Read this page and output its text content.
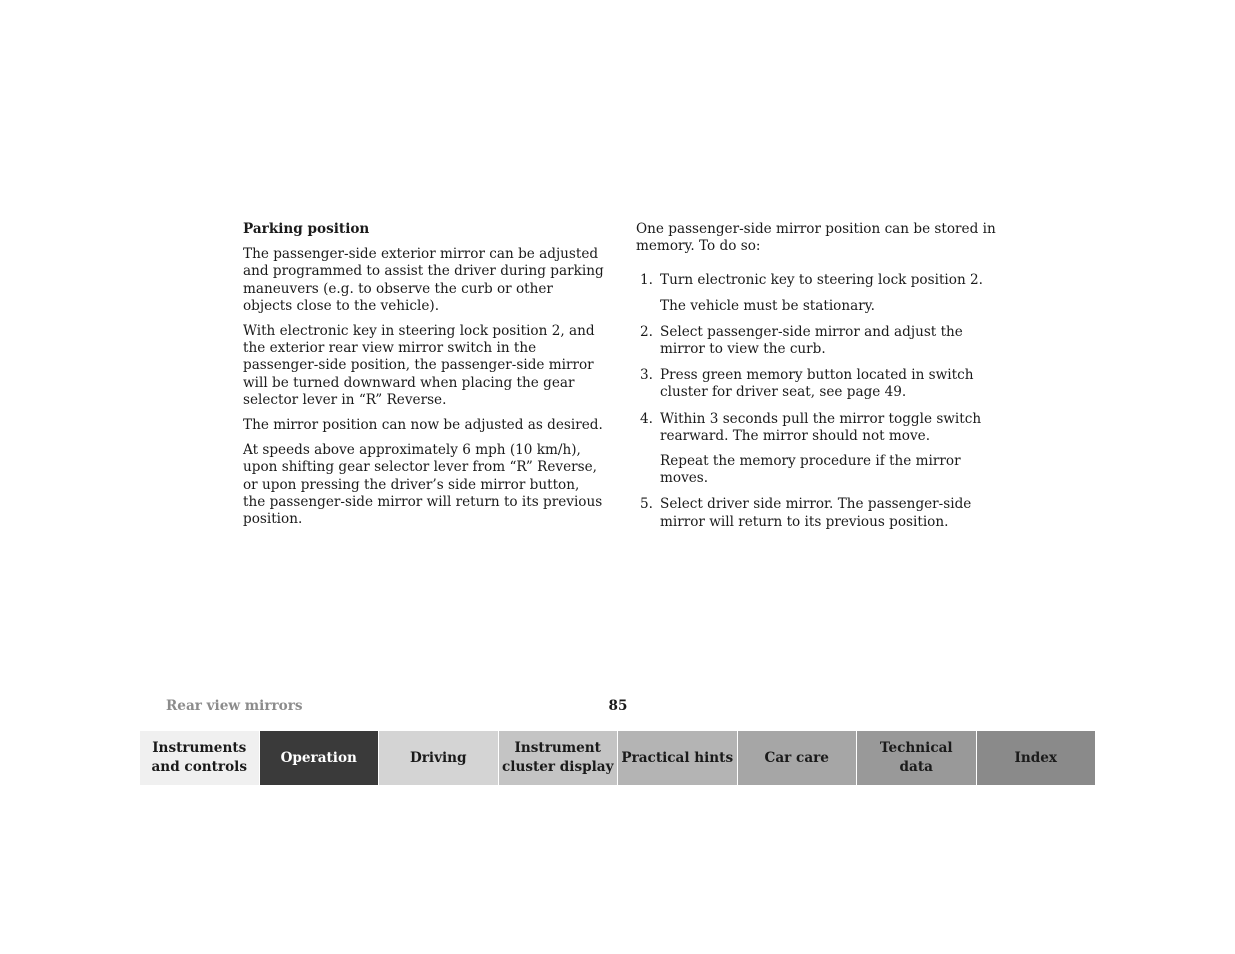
Parking position

The passenger-side exterior mirror can be adjusted and programmed to assist the driver during parking maneuvers (e.g. to observe the curb or other objects close to the vehicle).

With electronic key in steering lock position 2, and the exterior rear view mirror switch in the passenger-side position, the passenger-side mirror will be turned downward when placing the gear selector lever in “R” Reverse.

The mirror position can now be adjusted as desired.

At speeds above approximately 6 mph (10 km/h), upon shifting gear selector lever from “R” Reverse, or upon pressing the driver’s side mirror button, the passenger-side mirror will return to its previous position.

One passenger-side mirror position can be stored in memory. To do so:

1. Turn electronic key to steering lock position 2.
The vehicle must be stationary.
2. Select passenger-side mirror and adjust the mirror to view the curb.
3. Press green memory button located in switch cluster for driver seat, see page 49.
4. Within 3 seconds pull the mirror toggle switch rearward. The mirror should not move.
Repeat the memory procedure if the mirror moves.
5. Select driver side mirror. The passenger-side mirror will return to its previous position.
Rear view mirrors	85
Instruments
and controls
Operation	Driving
Instrument
cluster display
Practical hints	Car care
Technical
data
Index
